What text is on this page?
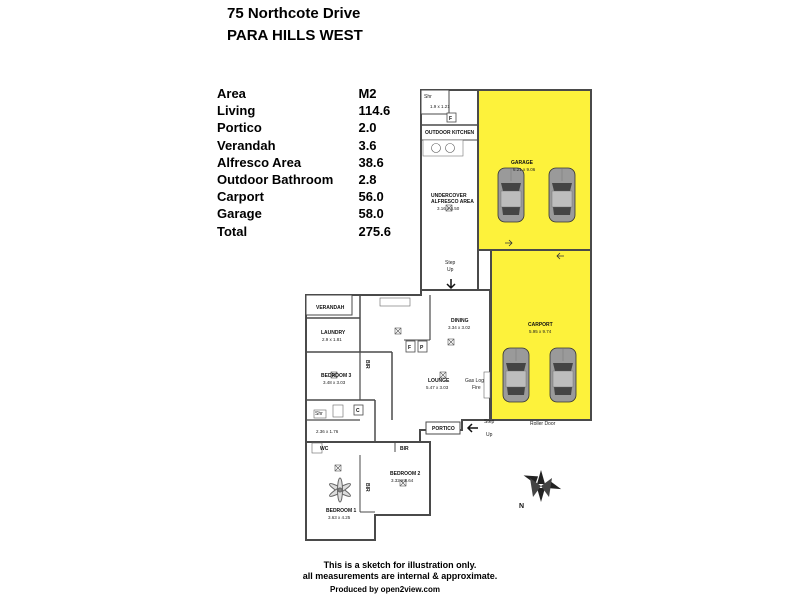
75 Northcote Drive
PARA HILLS WEST
Area	M2
Living	114.6
Portico	2.0
Verandah	3.6
Alfresco Area	38.6
Outdoor Bathroom	2.8
Carport	56.0
Garage	58.0
Total	275.6
N
Shr
1.9 x 1.21
F
OUTDOOR KITCHEN
GARAGE
6.21 x 9.06
UNDERCOVER
ALFRESCO AREA
3.16 x 6.50
Step
Up
VERANDAH
LAUNDRY
2.9 x 1.81
DINING
3.34 x 3.02	CARPORT
5.95 x 9.74
F P
BIR
BEDROOM 3
3.48 x 3.03	LOUNGE
5.47 x 3.03
Gas Log
Fire
Shr	C
2.36 x 1.76
WC
PORTICO
Step
Up
Roller Door
BIR
BEDROOM 2
3.32 x 3.64
BIR
BEDROOM 1
3.63 x 4.25
This is a sketch for illustration only.
all measurements are internal & approximate.
Produced by open2view.com
